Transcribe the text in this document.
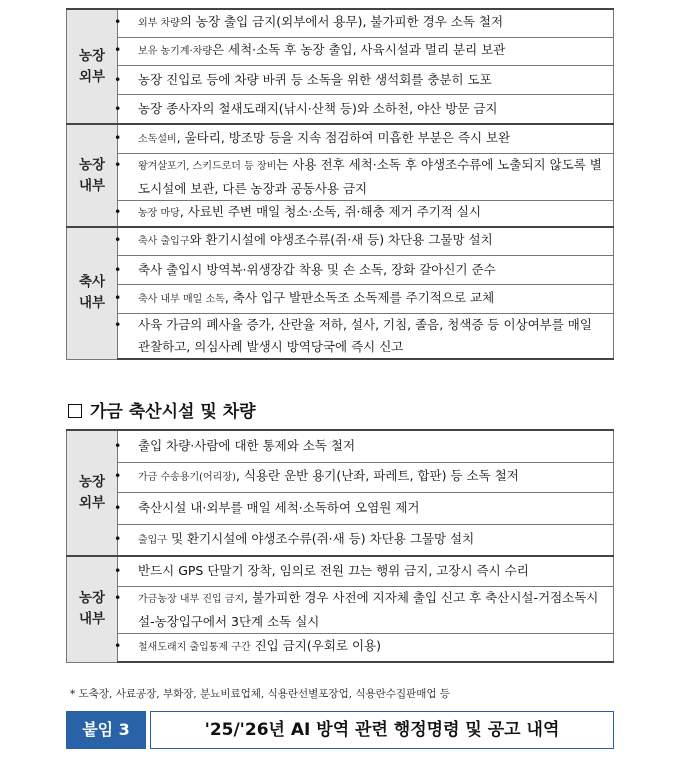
농장
외부	• 외부 차량의 농장 출입 금지(외부에서 용무), 불가피한 경우 소독 철저

	• 보유 농기계·차량은 세척·소독 후 농장 출입, 사육시설과 멀리 분리 보관

	• 농장 진입로 등에 차량 바퀴 등 소독을 위한 생석회를 충분히 도포

	• 농장 종사자의 철새도래지(낚시·산책 등)와 소하천, 야산 방문 금지

농장
내부	• 소독설비, 울타리, 방조망 등을 지속 점검하여 미흡한 부분은 즉시 보완

	• 왕겨살포기, 스키드로더 등 장비는 사용 전후 세척·소독 후 야생조수류에 노출되지 않도록 별도시설에 보관, 다른 농장과 공동사용 금지

	• 농장 마당, 사료빈 주변 매일 청소·소독, 쥐·해충 제거 주기적 실시

축사
내부	• 축사 출입구와 환기시설에 야생조수류(쥐·새 등) 차단용 그물망 설치

	• 축사 출입시 방역복·위생장갑 착용 및 손 소독, 장화 갈아신기 준수

	• 축사 내부 매일 소독, 축사 입구 발판소독조 소독제를 주기적으로 교체

	• 사육 가금의 폐사율 증가, 산란율 저하, 설사, 기침, 졸음, 청색증 등 이상여부를 매일 관찰하고, 의심사례 발생시 방역당국에 즉시 신고
가금 축산시설 및 차량
농장
외부	• 출입 차량·사람에 대한 통제와 소독 철저

	• 가금 수송용기(어리장), 식용란 운반 용기(난좌, 파레트, 합판) 등 소독 철저

	• 축산시설 내·외부를 매일 세척·소독하여 오염원 제거

	• 출입구 및 환기시설에 야생조수류(쥐·새 등) 차단용 그물망 설치

농장
내부	• 반드시 GPS 단말기 장착, 임의로 전원 끄는 행위 금지, 고장시 즉시 수리

	• 가금농장 내부 진입 금지, 불가피한 경우 사전에 지자체 출입 신고 후 축산시설-거점소독시설-농장입구에서 3단계 소독 실시

	• 철새도래지 출입통제 구간 진입 금지(우회로 이용)
* 도축장, 사료공장, 부화장, 분뇨비료업체, 식용란선별포장업, 식용란수집판매업 등
붙임 3	'25/'26년 AI 방역 관련 행정명령 및 공고 내역
